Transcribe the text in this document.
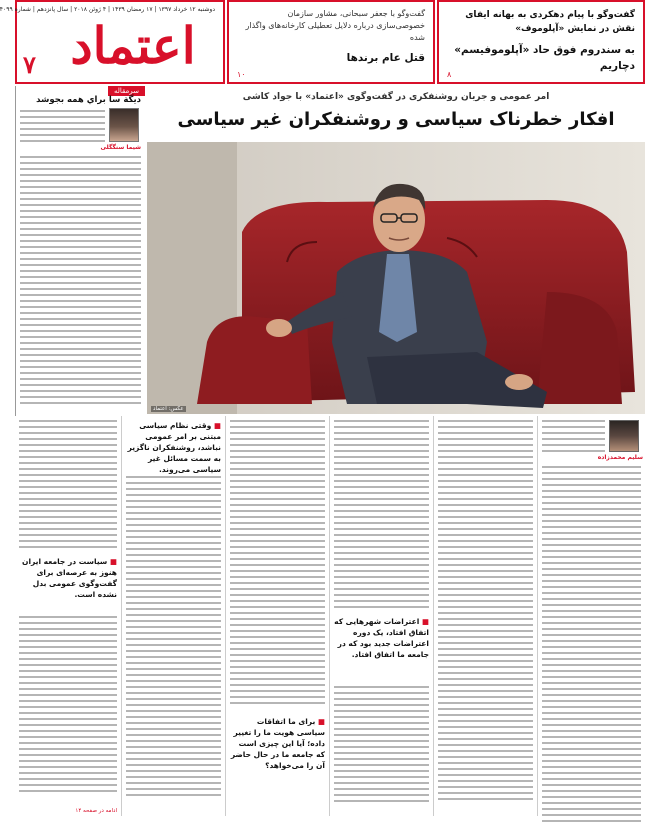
دوشنبه ۱۲ خرداد ۱۳۹۷ | ۱۷ رمضان ۱۴۳۹ | ۴ ژوئن ۲۰۱۸ | سال پانزدهم | شماره ۴۰۹۹
اعتماد
۷
گفت‌وگو با جعفر سبحانی، مشاور سازمان خصوصی‌سازی درباره دلایل تعطیلی کارخانه‌های واگذار شده
قتل عام برندها
۱۰
گفت‌وگو با پیام دهکردی به بهانه ایفای نقش در نمایش «آپلوموف»
به سندروم فوق حاد «آپلوموفیسم» دچاریم
۸
سرمقاله
ديگة سا براي همه بجوشد
شیما سنگگلی
امر عمومی و جریان روشنفکری در گفت‌وگوی «اعتماد» با جواد کاشی
افکار خطرناک سیاسی و روشنفکران غیر سیاسی
عکس: اعتماد
سلیم محمدزاده
■ اعتراضات شهرهایی که اتفاق افتاد، یک دوره اعتراضات جدید بود که در جامعه ما اتفاق افتاد.
■ برای ما اتفاقات سیاسی هویت ما را تغییر داده؛ آیا این چیزی است که جامعه ما در حال حاضر آن را می‌خواهد؟
■ وقتی نظام سیاسی مبتنی بر امر عمومی نباشد، روشنفکران ناگزیر به سمت مسائل غیر سیاسی می‌روند.
■ سیاست در جامعه ایران هنوز به عرصه‌ای برای گفت‌وگوی عمومی بدل نشده است.
ادامه در صفحه ۱۴
